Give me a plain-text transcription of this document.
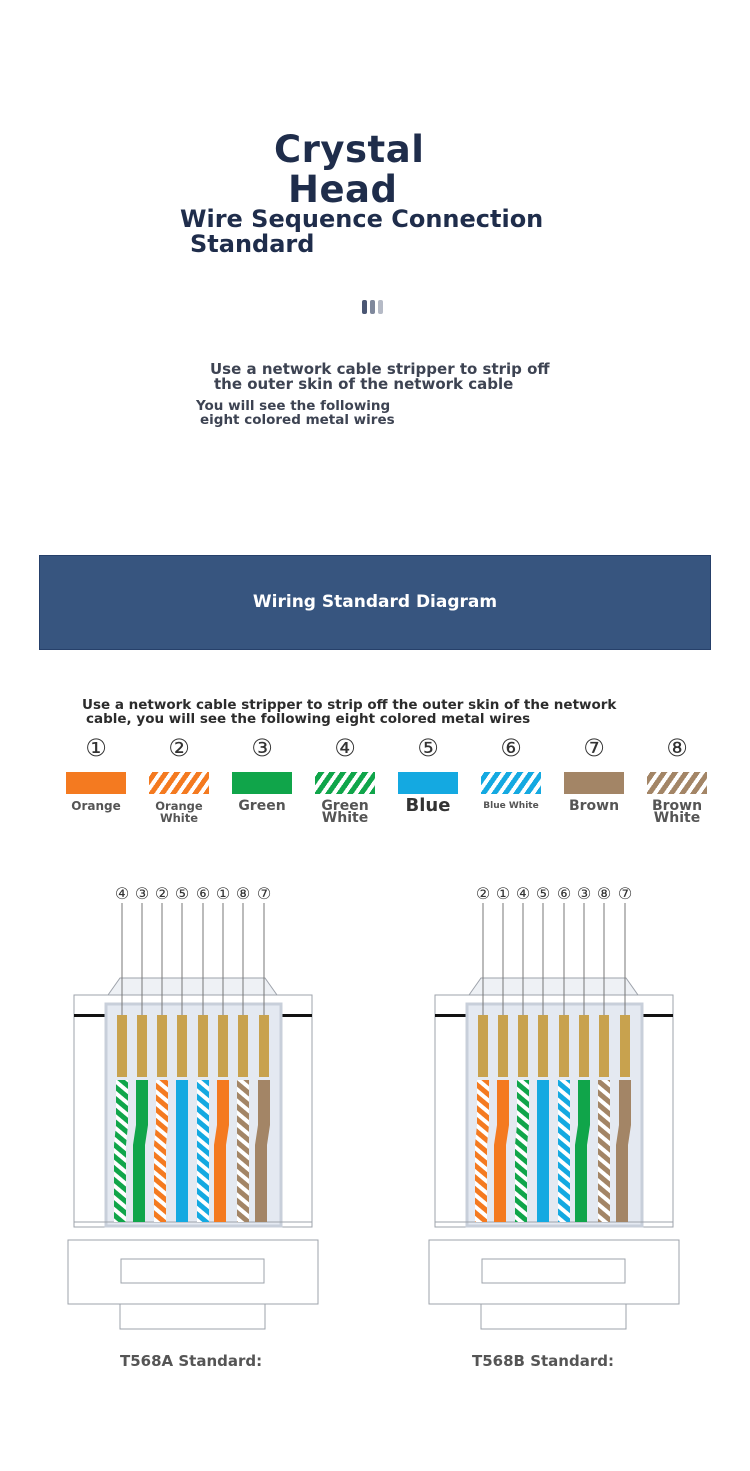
Crystal
Head
Wire Sequence Connection
Standard
Use a network cable stripper to strip off
the outer skin of the network cable
You will see the following
eight colored metal wires
Wiring Standard Diagram
Use a network cable stripper to strip off the outer skin of the network
cable, you will see the following eight colored metal wires
①
Orange
②
Orange White
③
Green
④
Green White
⑤
Blue
⑥
Blue White
⑦
Brown
⑧
Brown White
④ ③ ② ⑤ ⑥ ① ⑧ ⑦	② ① ④ ⑤ ⑥ ③ ⑧ ⑦
T568A Standard:	T568B Standard:
